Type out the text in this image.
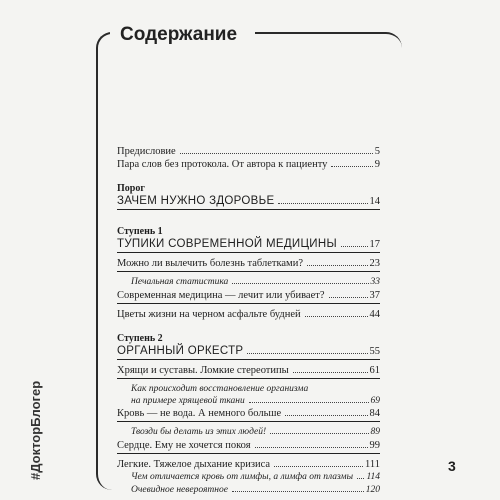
Содержание
Предисловие	5
Пара слов без протокола. От автора к пациенту	9
Порог
ЗАЧЕМ НУЖНО ЗДОРОВЬЕ	14
Ступень 1
ТУПИКИ СОВРЕМЕННОЙ МЕДИЦИНЫ	17
Можно ли вылечить болезнь таблетками?	23
Печальная статистика	33
Современная медицина — лечит или убивает?	37
Цветы жизни на черном асфальте будней	44
Ступень 2
ОРГАННЫЙ ОРКЕСТР	55
Хрящи и суставы. Ломкие стереотипы	61
Как происходит восстановление организма
на примере хрящевой ткани	69
Кровь — не вода. А немного больше	84
Твозди бы делать из этих людей!	89
Сердце. Ему не хочется покоя	99
Легкие. Тяжелое дыхание кризиса	111
Чем отличается кровь от лимфы, а лимфа от плазмы 114
Очевидное невероятное	120
#ДокторБлогер	3
